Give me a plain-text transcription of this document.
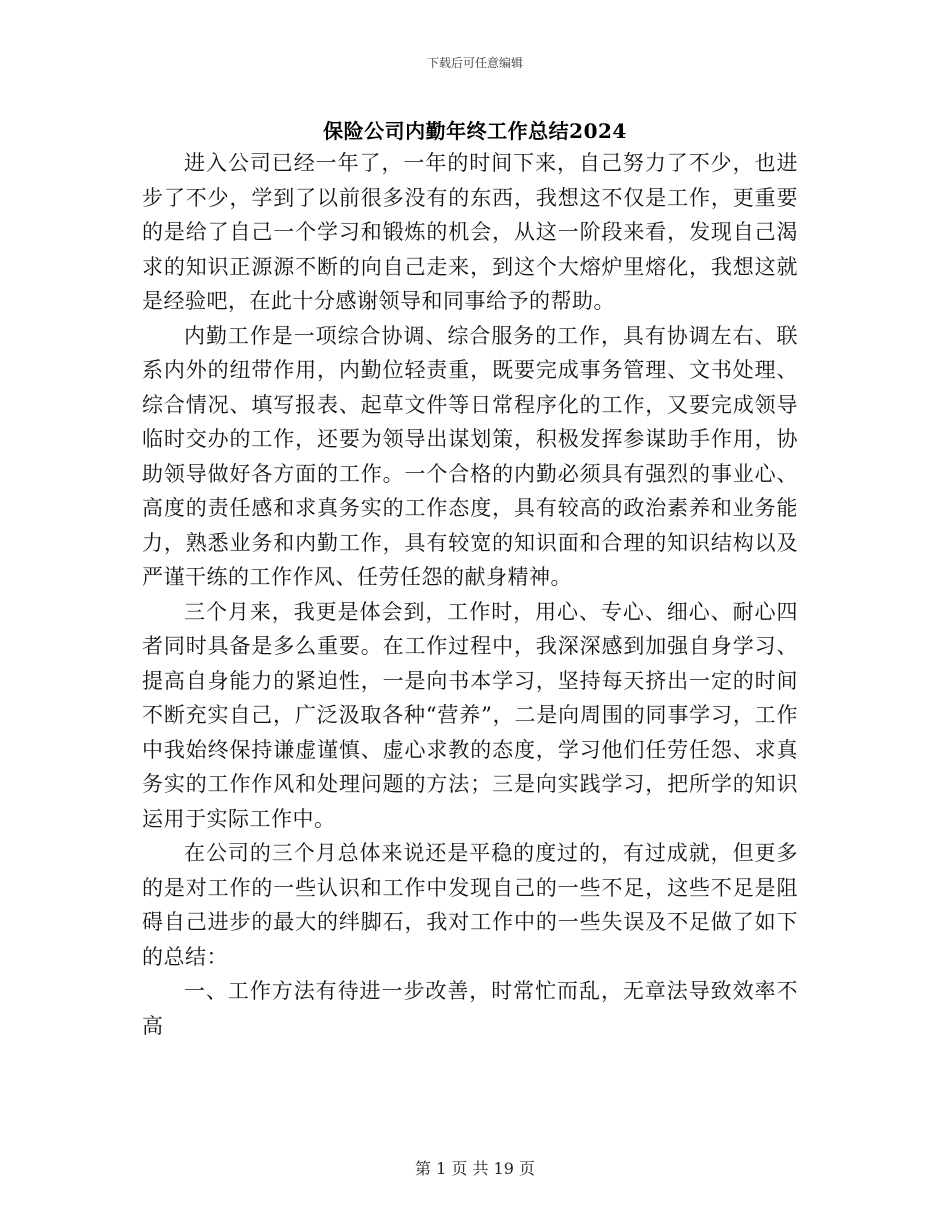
下载后可任意编辑
保险公司内勤年终工作总结2024

进入公司已经一年了，一年的时间下来，自己努力了不少，也进步了不少，学到了以前很多没有的东西，我想这不仅是工作，更重要的是给了自己一个学习和锻炼的机会，从这一阶段来看，发现自己渴求的知识正源源不断的向自己走来，到这个大熔炉里熔化，我想这就是经验吧，在此十分感谢领导和同事给予的帮助。

内勤工作是一项综合协调、综合服务的工作，具有协调左右、联系内外的纽带作用，内勤位轻责重，既要完成事务管理、文书处理、综合情况、填写报表、起草文件等日常程序化的工作，又要完成领导临时交办的工作，还要为领导出谋划策，积极发挥参谋助手作用，协助领导做好各方面的工作。一个合格的内勤必须具有强烈的事业心、高度的责任感和求真务实的工作态度，具有较高的政治素养和业务能力，熟悉业务和内勤工作，具有较宽的知识面和合理的知识结构以及严谨干练的工作作风、任劳任怨的献身精神。

三个月来，我更是体会到，工作时，用心、专心、细心、耐心四者同时具备是多么重要。在工作过程中，我深深感到加强自身学习、提高自身能力的紧迫性，一是向书本学习，坚持每天挤出一定的时间不断充实自己，广泛汲取各种“营养”，二是向周围的同事学习，工作中我始终保持谦虚谨慎、虚心求教的态度，学习他们任劳任怨、求真务实的工作作风和处理问题的方法；三是向实践学习，把所学的知识运用于实际工作中。

在公司的三个月总体来说还是平稳的度过的，有过成就，但更多的是对工作的一些认识和工作中发现自己的一些不足，这些不足是阻碍自己进步的最大的绊脚石，我对工作中的一些失误及不足做了如下的总结：

一、工作方法有待进一步改善，时常忙而乱，无章法导致效率不高

第 1 页 共 19 页
